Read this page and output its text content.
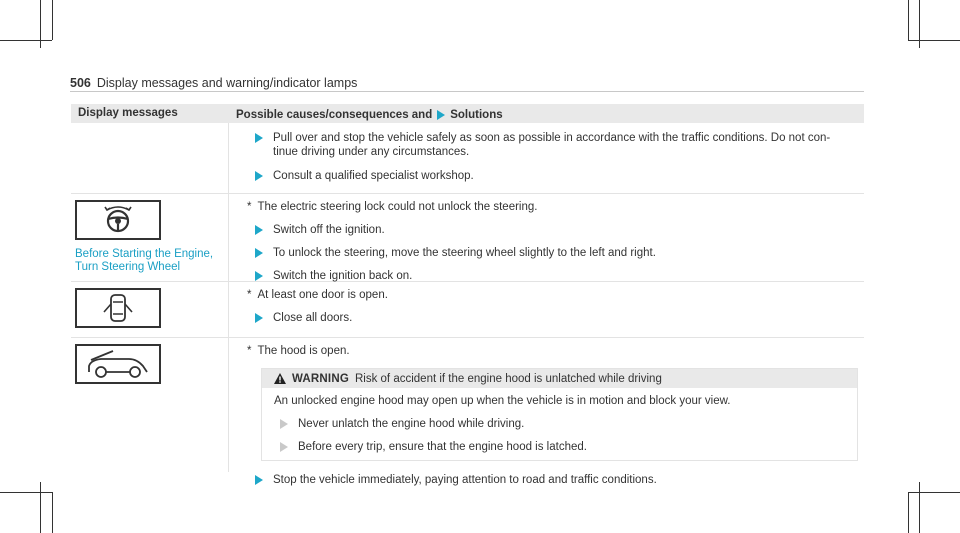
506 Display messages and warning/indicator lamps
Display messages	Possible causes/consequences and Solutions
Pull over and stop the vehicle safely as soon as possible in accordance with the traffic conditions. Do not con-
tinue driving under any circumstances.
Consult a qualified specialist workshop.
Before Starting the Engine,
Turn Steering Wheel
* The electric steering lock could not unlock the steering.
Switch off the ignition.
To unlock the steering, move the steering wheel slightly to the left and right.
Switch the ignition back on.
* At least one door is open.
Close all doors.
* The hood is open.
WARNING Risk of accident if the engine hood is unlatched while driving
An unlocked engine hood may open up when the vehicle is in motion and block your view.
Never unlatch the engine hood while driving.
Before every trip, ensure that the engine hood is latched.
Stop the vehicle immediately, paying attention to road and traffic conditions.
